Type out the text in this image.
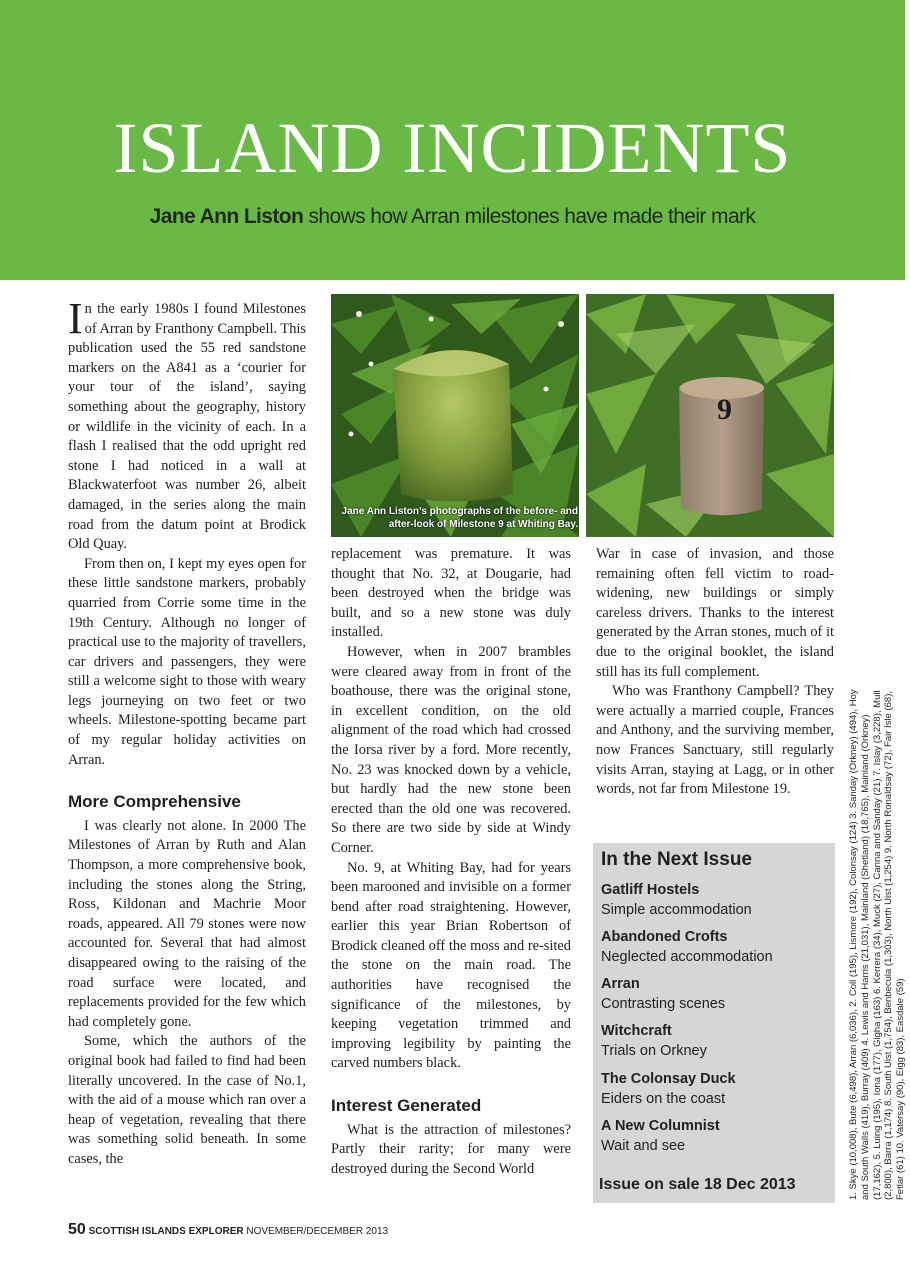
ISLAND INCIDENTS
Jane Ann Liston shows how Arran milestones have made their mark

In the early 1980s I found Milestones of Arran by Franthony Campbell. This publication used the 55 red sandstone markers on the A841 as a ‘courier for your tour of the island’, saying something about the geography, history or wildlife in the vicinity of each. In a flash I realised that the odd upright red stone I had noticed in a wall at Blackwaterfoot was number 26, albeit damaged, in the series along the main road from the datum point at Brodick Old Quay.

From then on, I kept my eyes open for these little sandstone markers, probably quarried from Corrie some time in the 19th Century. Although no longer of practical use to the majority of travellers, car drivers and passengers, they were still a welcome sight to those with weary legs journeying on two feet or two wheels. Milestone-spotting became part of my regular holiday activities on Arran.

More Comprehensive

I was clearly not alone. In 2000 The Milestones of Arran by Ruth and Alan Thompson, a more comprehensive book, including the stones along the String, Ross, Kildonan and Machrie Moor roads, appeared. All 79 stones were now accounted for. Several that had almost disappeared owing to the raising of the road surface were located, and replacements provided for the few which had completely gone.

Some, which the authors of the original book had failed to find had been literally uncovered. In the case of No.1, with the aid of a mouse which ran over a heap of vegetation, revealing that there was something solid beneath. In some cases, the

9
Jane Ann Liston’s photographs of the before- and after-look of Milestone 9 at Whiting Bay.

replacement was premature. It was thought that No. 32, at Dougarie, had been destroyed when the bridge was built, and so a new stone was duly installed.

However, when in 2007 brambles were cleared away from in front of the boathouse, there was the original stone, in excellent condition, on the old alignment of the road which had crossed the Iorsa river by a ford. More recently, No. 23 was knocked down by a vehicle, but hardly had the new stone been erected than the old one was recovered. So there are two side by side at Windy Corner.

No. 9, at Whiting Bay, had for years been marooned and invisible on a former bend after road straightening. However, earlier this year Brian Robertson of Brodick cleaned off the moss and re-sited the stone on the main road. The authorities have recognised the significance of the milestones, by keeping vegetation trimmed and improving legibility by painting the carved numbers black.

Interest Generated

What is the attraction of milestones? Partly their rarity; for many were destroyed during the Second World

War in case of invasion, and those remaining often fell victim to road-widening, new buildings or simply careless drivers. Thanks to the interest generated by the Arran stones, much of it due to the original booklet, the island still has its full complement.

Who was Franthony Campbell? They were actually a married couple, Frances and Anthony, and the surviving member, now Frances Sanctuary, still regularly visits Arran, staying at Lagg, or in other words, not far from Milestone 19.

In the Next Issue
Gatliff Hostels
Simple accommodation
Abandoned Crofts
Neglected accommodation
Arran
Contrasting scenes
Witchcraft
Trials on Orkney
The Colonsay Duck
Eiders on the coast
A New Columnist
Wait and see
Issue on sale 18 Dec 2013	1. Skye (10,008), Bute (6,498), Arran (6,036), 2. Coll (195), Lismore (192), Colonsay (124) 3. Sanday (Orkney) (494), Hoy and South Walls (419), Burray (409) 4. Lewis and Harris (21,031), Mainland (Shetland) (18,765), Mainland (Orkney) (17,162), 5. Luing (195), Iona (177), Gigha (163) 6. Kerrera (34), Muck (27), Canna and Sanday (21) 7. Islay (3,228), Mull (2,800), Barra (1,174) 8. South Uist (1,754), Benbecula (1,303), North Uist (1,254) 9. North Ronaldsay (72), Fair Isle (68), Fetlar (61) 10. Vatersay (90), Eigg (83), Easdale (59)
50 SCOTTISH ISLANDS EXPLORER NOVEMBER/DECEMBER 2013
